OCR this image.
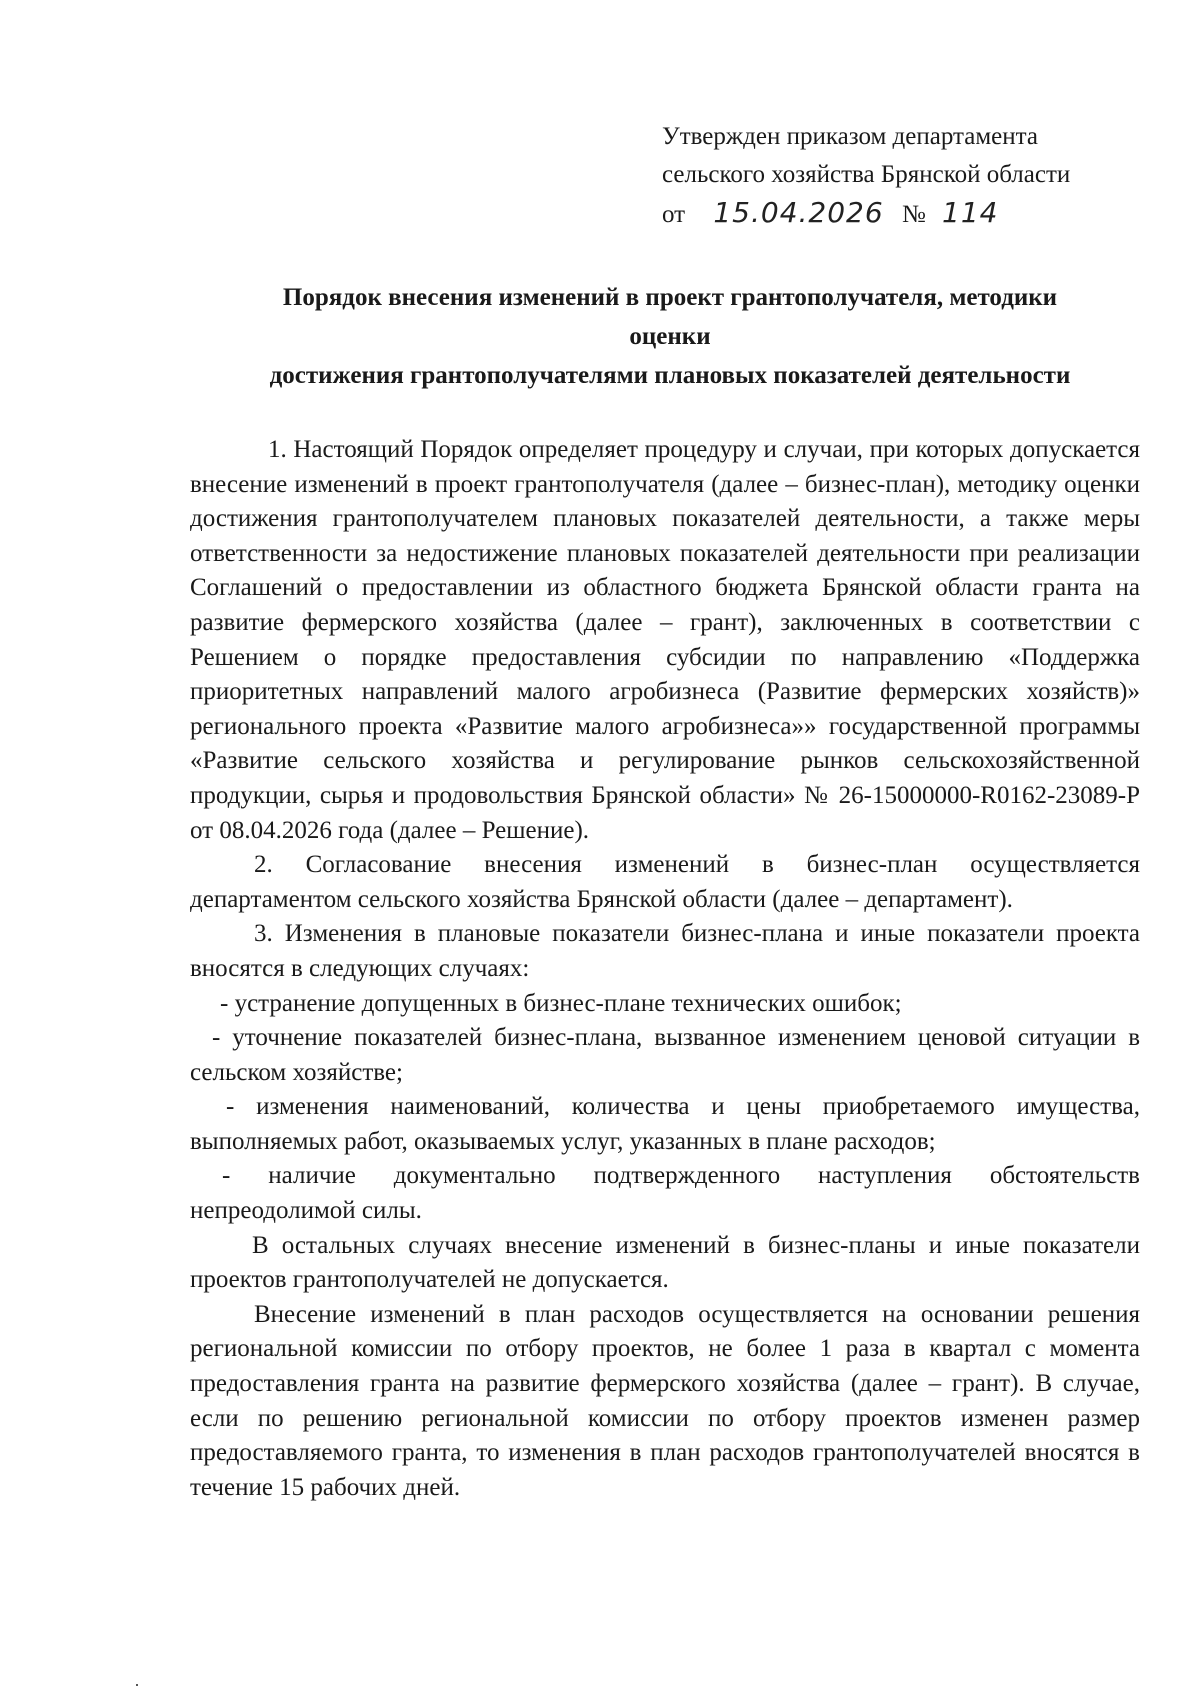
Утвержден приказом департамента
сельского хозяйства Брянской области
от 15.04.2026 № 114
Порядок внесения изменений в проект грантополучателя, методики
оценки
достижения грантополучателями плановых показателей деятельности
1. Настоящий Порядок определяет процедуру и случаи, при которых допускается внесение изменений в проект грантополучателя (далее – бизнес-план), методику оценки достижения грантополучателем плановых показателей деятельности, а также меры ответственности за недостижение плановых показателей деятельности при реализации Соглашений о предоставлении из областного бюджета Брянской области гранта на развитие фермерского хозяйства (далее – грант), заключенных в соответствии с Решением о порядке предоставления субсидии по направлению «Поддержка приоритетных направлений малого агробизнеса (Развитие фермерских хозяйств)» регионального проекта «Развитие малого агробизнеса»» государственной программы «Развитие сельского хозяйства и регулирование рынков сельскохозяйственной продукции, сырья и продовольствия Брянской области» № 26-15000000-R0162-23089-Р от 08.04.2026 года (далее – Решение).
2. Согласование внесения изменений в бизнес-план осуществляется департаментом сельского хозяйства Брянской области (далее – департамент).
3. Изменения в плановые показатели бизнес-плана и иные показатели проекта вносятся в следующих случаях:
- устранение допущенных в бизнес-плане технических ошибок;
- уточнение показателей бизнес-плана, вызванное изменением ценовой ситуации в сельском хозяйстве;
- изменения наименований, количества и цены приобретаемого имущества, выполняемых работ, оказываемых услуг, указанных в плане расходов;
- наличие документально подтвержденного наступления обстоятельств непреодолимой силы.
В остальных случаях внесение изменений в бизнес-планы и иные показатели проектов грантополучателей не допускается.
Внесение изменений в план расходов осуществляется на основании решения региональной комиссии по отбору проектов, не более 1 раза в квартал с момента предоставления гранта на развитие фермерского хозяйства (далее – грант). В случае, если по решению региональной комиссии по отбору проектов изменен размер предоставляемого гранта, то изменения в план расходов грантополучателей вносятся в течение 15 рабочих дней.
